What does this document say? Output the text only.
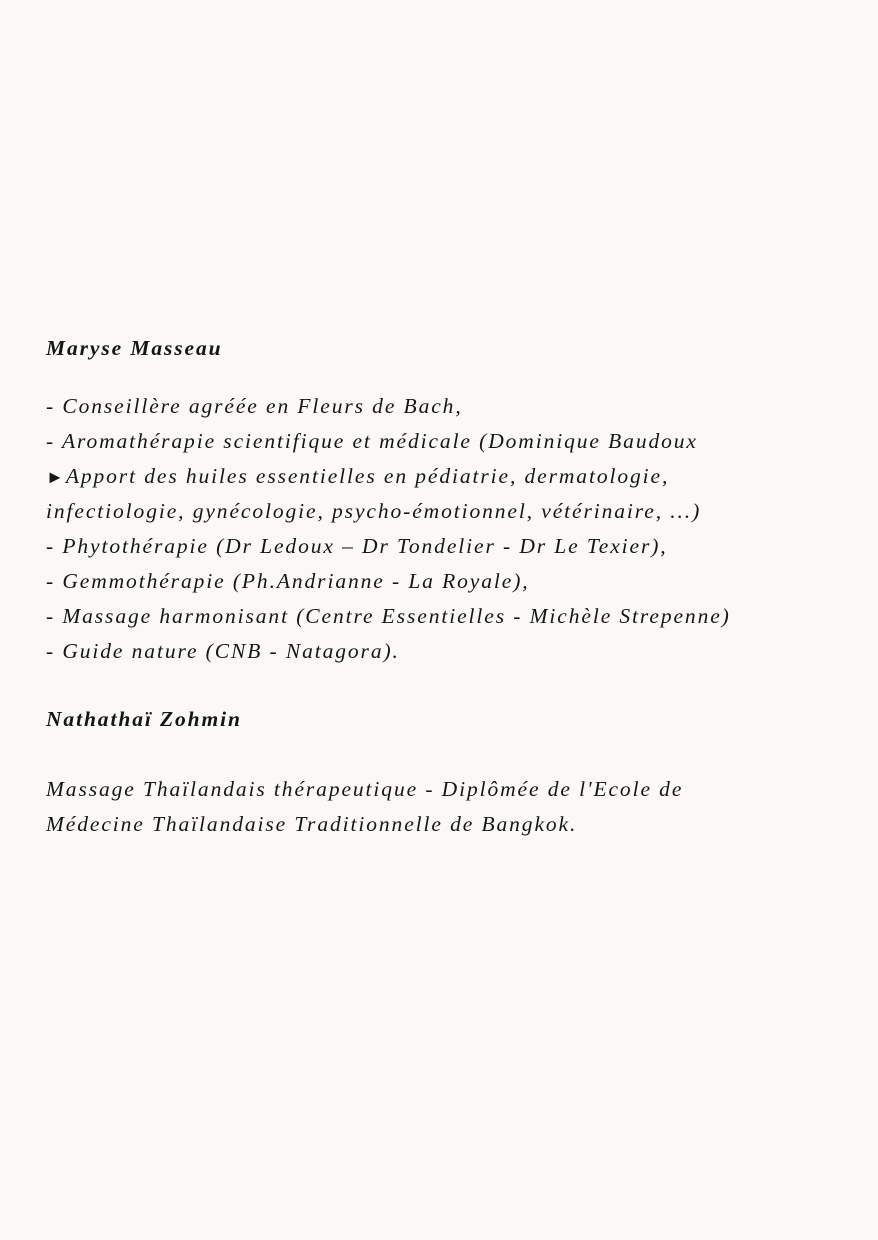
Maryse Masseau

- Conseillère agréée en Fleurs de Bach,
- Aromathérapie scientifique et médicale (Dominique Baudoux
►Apport des huiles essentielles en pédiatrie, dermatologie,
infectiologie, gynécologie, psycho-émotionnel, vétérinaire, ...)
- Phytothérapie (Dr Ledoux – Dr Tondelier - Dr Le Texier),
- Gemmothérapie (Ph.Andrianne - La Royale),
- Massage harmonisant (Centre Essentielles - Michèle Strepenne)
- Guide nature (CNB - Natagora).

Nathathaï Zohmin

Massage Thaïlandais thérapeutique - Diplômée de l'Ecole de
Médecine Thaïlandaise Traditionnelle de Bangkok.
